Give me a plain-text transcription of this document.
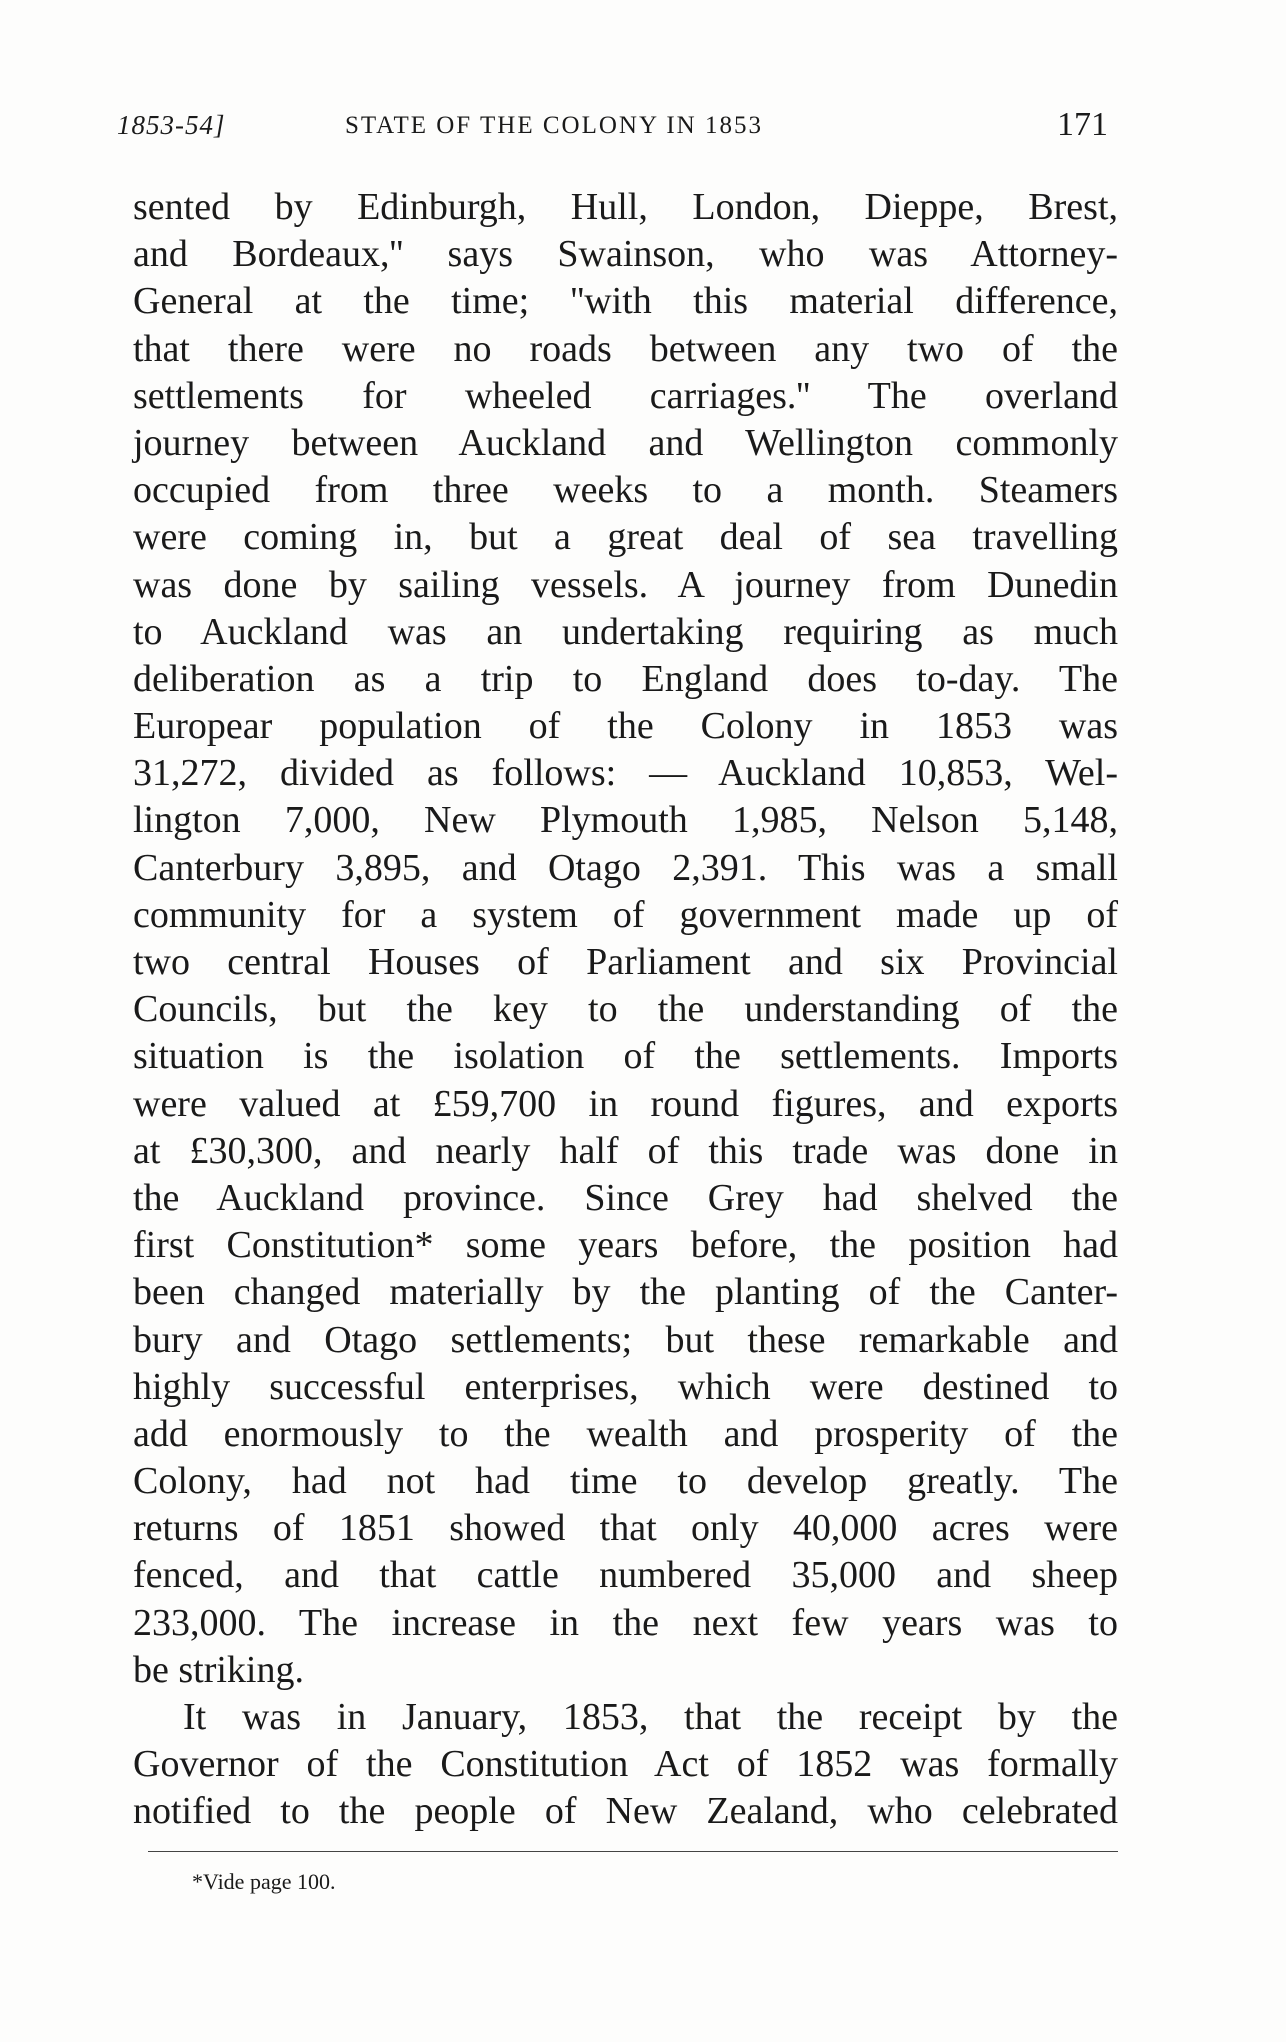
1853-54]	STATE OF THE COLONY IN 1853	171
sented by Edinburgh, Hull, London, Dieppe, Brest,
and Bordeaux,'' says Swainson, who was Attorney-
General at the time; ''with this material difference,
that there were no roads between any two of the
settlements for wheeled carriages.'' The overland
journey between Auckland and Wellington commonly
occupied from three weeks to a month. Steamers
were coming in, but a great deal of sea travelling
was done by sailing vessels. A journey from Dunedin
to Auckland was an undertaking requiring as much
deliberation as a trip to England does to-day. The
Europear population of the Colony in 1853 was
31,272, divided as follows: — Auckland 10,853, Wel-
lington 7,000, New Plymouth 1,985, Nelson 5,148,
Canterbury 3,895, and Otago 2,391. This was a small
community for a system of government made up of
two central Houses of Parliament and six Provincial
Councils, but the key to the understanding of the
situation is the isolation of the settlements. Imports
were valued at £59,700 in round figures, and exports
at £30,300, and nearly half of this trade was done in
the Auckland province. Since Grey had shelved the
first Constitution* some years before, the position had
been changed materially by the planting of the Canter-
bury and Otago settlements; but these remarkable and
highly successful enterprises, which were destined to
add enormously to the wealth and prosperity of the
Colony, had not had time to develop greatly. The
returns of 1851 showed that only 40,000 acres were
fenced, and that cattle numbered 35,000 and sheep
233,000. The increase in the next few years was to
be striking.
It was in January, 1853, that the receipt by the
Governor of the Constitution Act of 1852 was formally
notified to the people of New Zealand, who celebrated
*Vide page 100.
